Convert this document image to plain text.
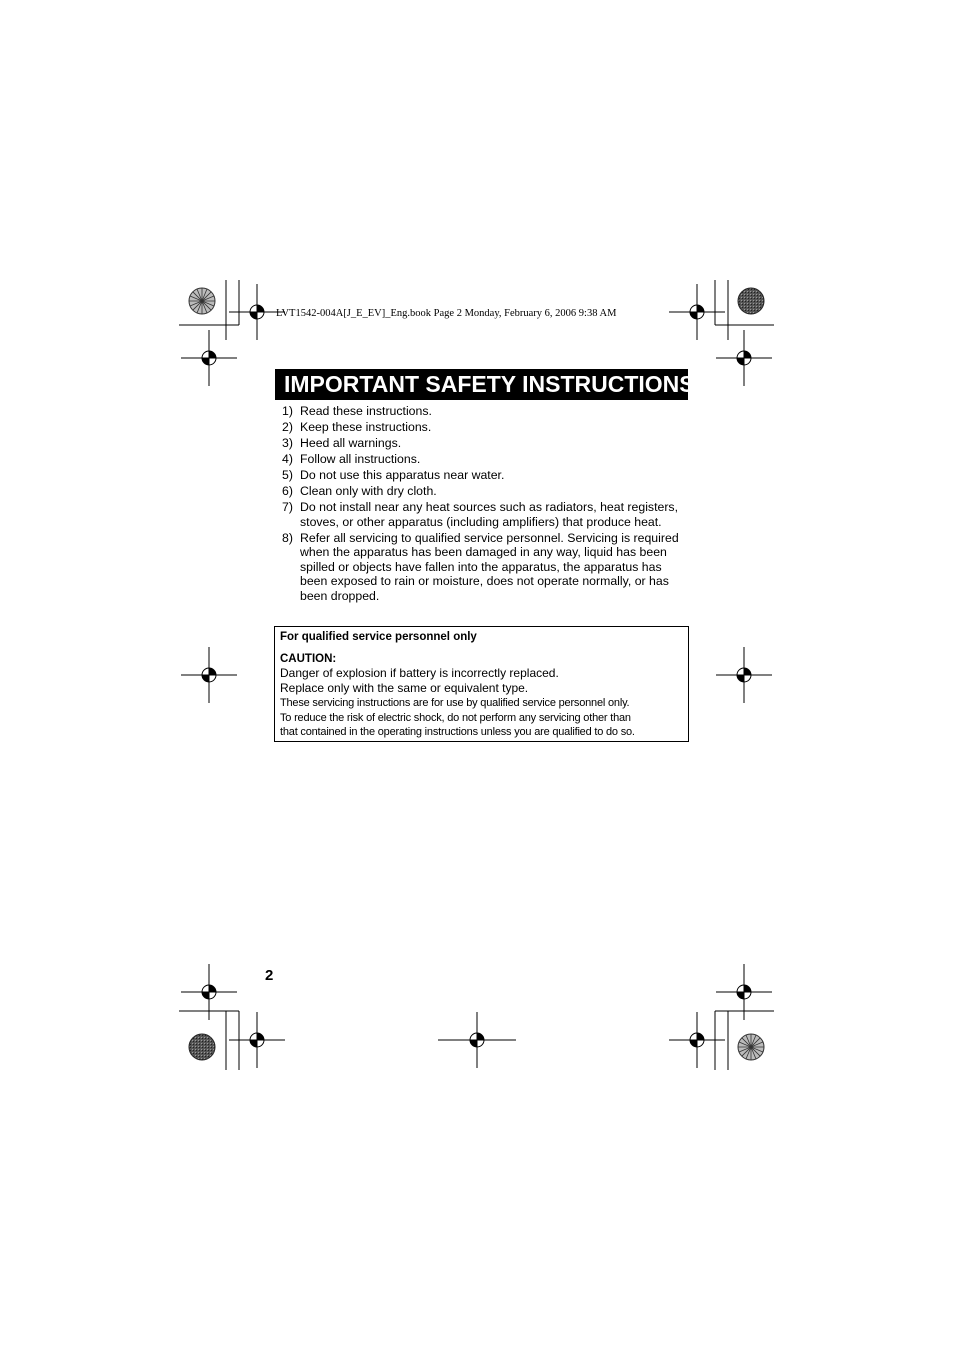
LVT1542-004A[J_E_EV]_Eng.book Page 2 Monday, February 6, 2006 9:38 AM
IMPORTANT SAFETY INSTRUCTIONS
1) Read these instructions.
2) Keep these instructions.
3) Heed all warnings.
4) Follow all instructions.
5) Do not use this apparatus near water.
6) Clean only with dry cloth.
7) Do not install near any heat sources such as radiators, heat registers, stoves, or other apparatus (including amplifiers) that produce heat.
8) Refer all servicing to qualified service personnel. Servicing is required when the apparatus has been damaged in any way, liquid has been spilled or objects have fallen into the apparatus, the apparatus has been exposed to rain or moisture, does not operate normally, or has been dropped.
For qualified service personnel only
CAUTION:
Danger of explosion if battery is incorrectly replaced.
Replace only with the same or equivalent type.
These servicing instructions are for use by qualified service personnel only.
To reduce the risk of electric shock, do not perform any servicing other than
that contained in the operating instructions unless you are qualified to do so.
2
